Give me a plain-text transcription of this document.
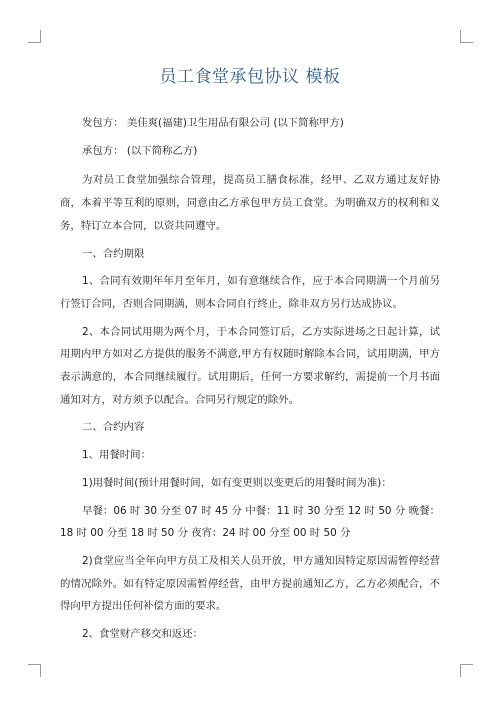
员工食堂承包协议 模板

发包方： 美佳爽(福建)卫生用品有限公司 (以下简称甲方)

承包方： (以下简称乙方)

为对员工食堂加强综合管理，提高员工膳食标准，经甲、乙双方通过友好协商，本着平等互利的原则，同意由乙方承包甲方员工食堂。为明确双方的权利和义务，特订立本合同，以资共同遵守。

一、合约期限

1、合同有效期年年月至年月，如有意继续合作，应于本合同期满一个月前另行签订合同，否则合同期满，则本合同自行终止，除非双方另行达成协议。

2、本合同试用期为两个月，于本合同签订后，乙方实际进场之日起计算，试用期内甲方如对乙方提供的服务不满意,甲方有权随时解除本合同，试用期满，甲方表示满意的，本合同继续履行。试用期后，任何一方要求解约，需提前一个月书面通知对方，对方须予以配合。合同另行规定的除外。

二、合约内容

1、用餐时间：

1)用餐时间(预计用餐时间，如有变更则以变更后的用餐时间为准)：

早餐：06 时 30 分至 07 时 45 分 中餐：11 时 30 分至 12 时 50 分 晚餐：18 时 00 分至 18 时 50 分 夜宵：24 时 00 分至 00 时 50 分

2)食堂应当全年向甲方员工及相关人员开放，甲方通知因特定原因需暂停经营的情况除外。如有特定原因需暂停经营，由甲方提前通知乙方，乙方必须配合，不得向甲方提出任何补偿方面的要求。

2、食堂财产移交和返还：
